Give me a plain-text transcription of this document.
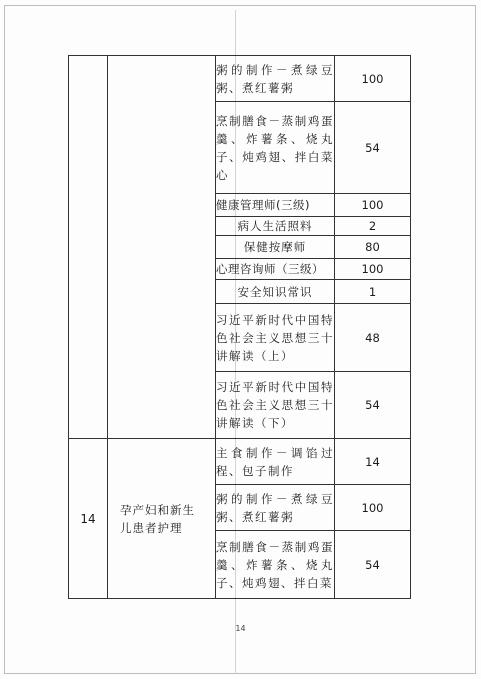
		粥的制作－煮绿豆粥、煮红薯粥	100

		烹制膳食－蒸制鸡蛋羹、炸薯条、烧丸子、炖鸡翅、拌白菜心	54

		健康管理师(三级)	100

		病人生活照料	2

		保健按摩师	80

		心理咨询师（三级）	100

		安全知识常识	1

		习近平新时代中国特色社会主义思想三十讲解读（上）	48

		习近平新时代中国特色社会主义思想三十讲解读（下）	54
14	孕产妇和新生儿患者护理	主食制作－调馅过程、包子制作	14

		粥的制作－煮绿豆粥、煮红薯粥	100

		烹制膳食－蒸制鸡蛋羹、炸薯条、烧丸子、炖鸡翅、拌白菜	54
14
